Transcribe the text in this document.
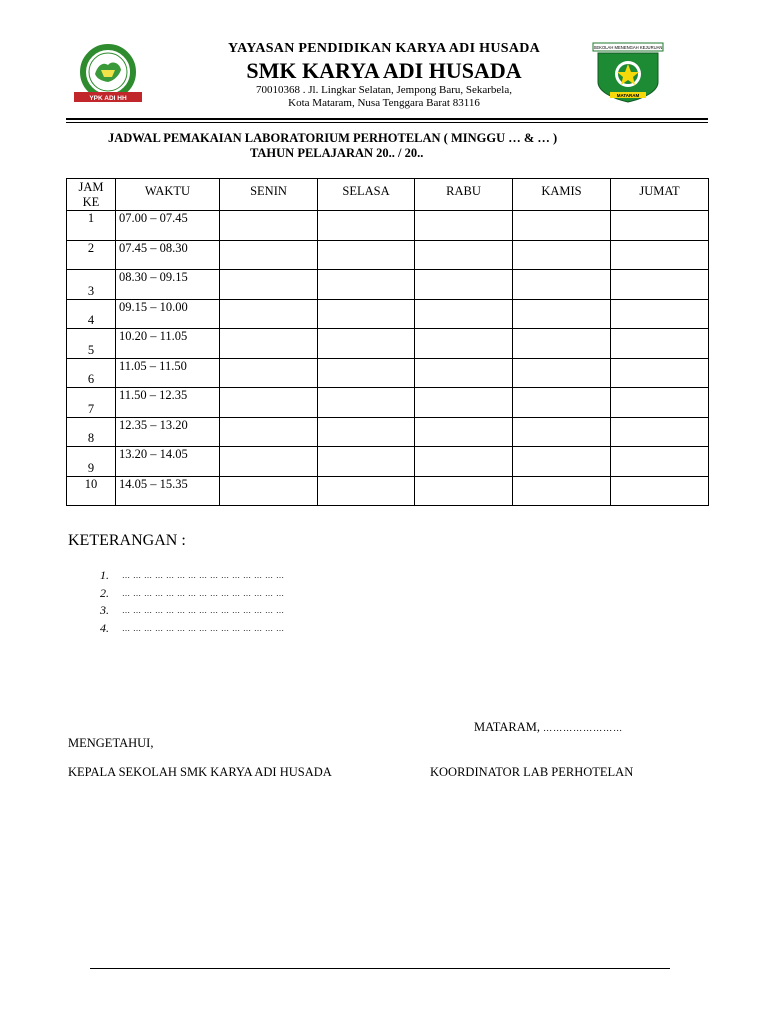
YPK ADI HH
YAYASAN PENDIDIKAN KARYA ADI HUSADA
SMK KARYA ADI HUSADA
70010368 . Jl. Lingkar Selatan, Jempong Baru, Sekarbela,
Kota Mataram, Nusa Tenggara Barat 83116
SEKOLAH MENENGAH KEJURUAN
MATARAM
JADWAL PEMAKAIAN LABORATORIUM PERHOTELAN ( MINGGU … & … )
TAHUN PELAJARAN 20.. / 20..
JAM
KE	WAKTU	SENIN	SELASA	RABU	KAMIS	JUMAT
1	07.00 – 07.45					
2	07.45 – 08.30					
3	08.30 – 09.15					
4	09.15 – 10.00					
5	10.20 – 11.05					
6	11.05 – 11.50					
7	11.50 – 12.35					
8	12.35 – 13.20					
9	13.20 – 14.05					
10	14.05 – 15.35					
KETERANGAN :
1. … … … … … … … … … … … … … … …
2. … … … … … … … … … … … … … … …
3. … … … … … … … … … … … … … … …
4. … … … … … … … … … … … … … … …
MATARAM, ……………………
MENGETAHUI,
KEPALA SEKOLAH SMK KARYA ADI HUSADA	KOORDINATOR LAB PERHOTELAN
